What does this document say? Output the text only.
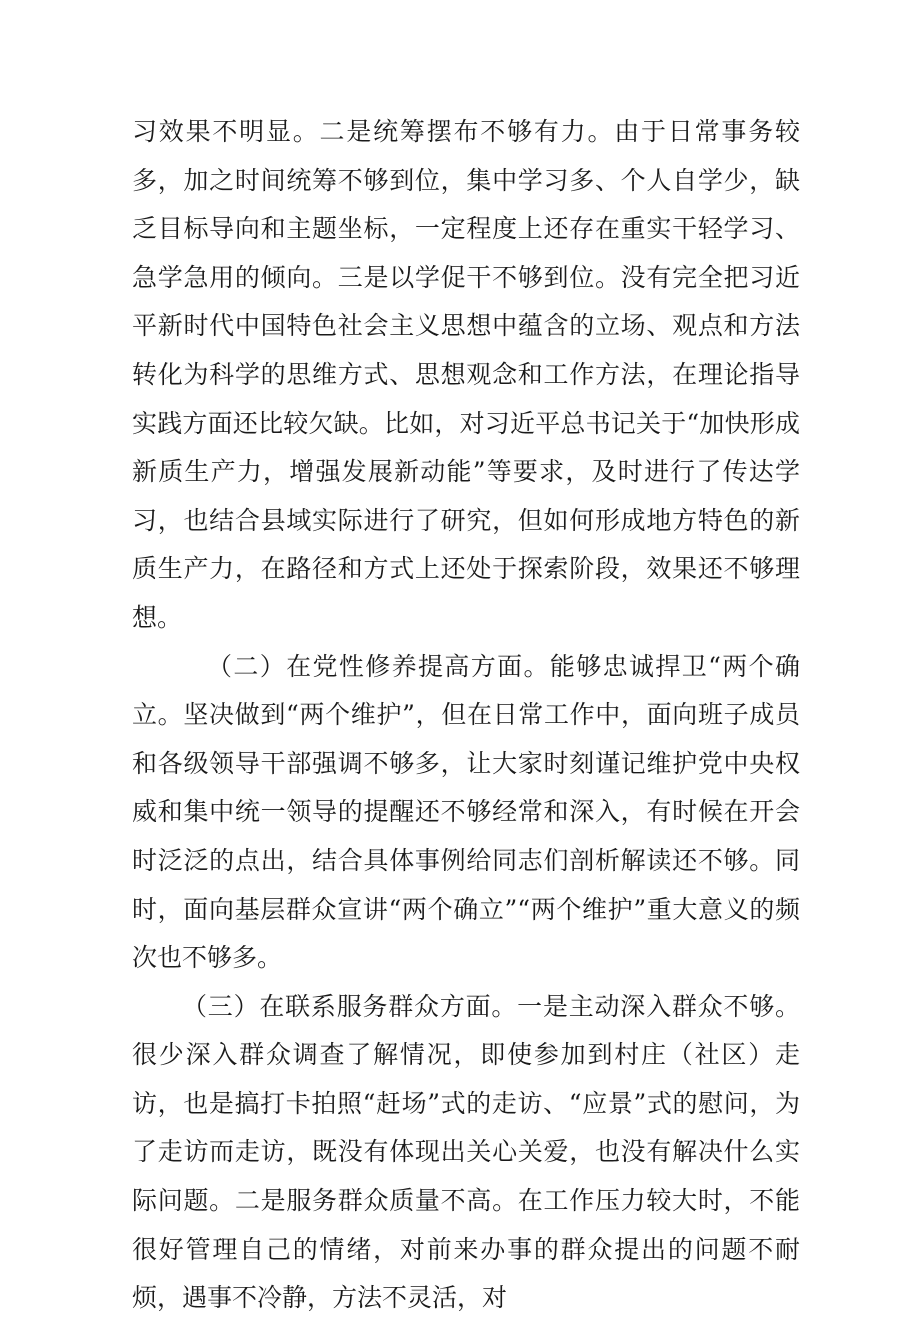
习效果不明显。二是统筹摆布不够有力。由于日常事务较多，加之时间统筹不够到位，集中学习多、个人自学少，缺乏目标导向和主题坐标，一定程度上还存在重实干轻学习、急学急用的倾向。三是以学促干不够到位。没有完全把习近平新时代中国特色社会主义思想中蕴含的立场、观点和方法转化为科学的思维方式、思想观念和工作方法，在理论指导实践方面还比较欠缺。比如，对习近平总书记关于“加快形成新质生产力，增强发展新动能”等要求，及时进行了传达学习，也结合县域实际进行了研究，但如何形成地方特色的新质生产力，在路径和方式上还处于探索阶段，效果还不够理想。

（二）在党性修养提高方面。能够忠诚捍卫“两个确立。坚决做到“两个维护”，但在日常工作中，面向班子成员和各级领导干部强调不够多，让大家时刻谨记维护党中央权威和集中统一领导的提醒还不够经常和深入，有时候在开会时泛泛的点出，结合具体事例给同志们剖析解读还不够。同时，面向基层群众宣讲“两个确立”“两个维护”重大意义的频次也不够多。

（三）在联系服务群众方面。一是主动深入群众不够。很少深入群众调查了解情况，即使参加到村庄（社区）走访，也是搞打卡拍照“赶场”式的走访、“应景”式的慰问，为了走访而走访，既没有体现出关心关爱，也没有解决什么实际问题。二是服务群众质量不高。在工作压力较大时，不能很好管理自己的情绪，对前来办事的群众提出的问题不耐烦，遇事不冷静，方法不灵活，对
